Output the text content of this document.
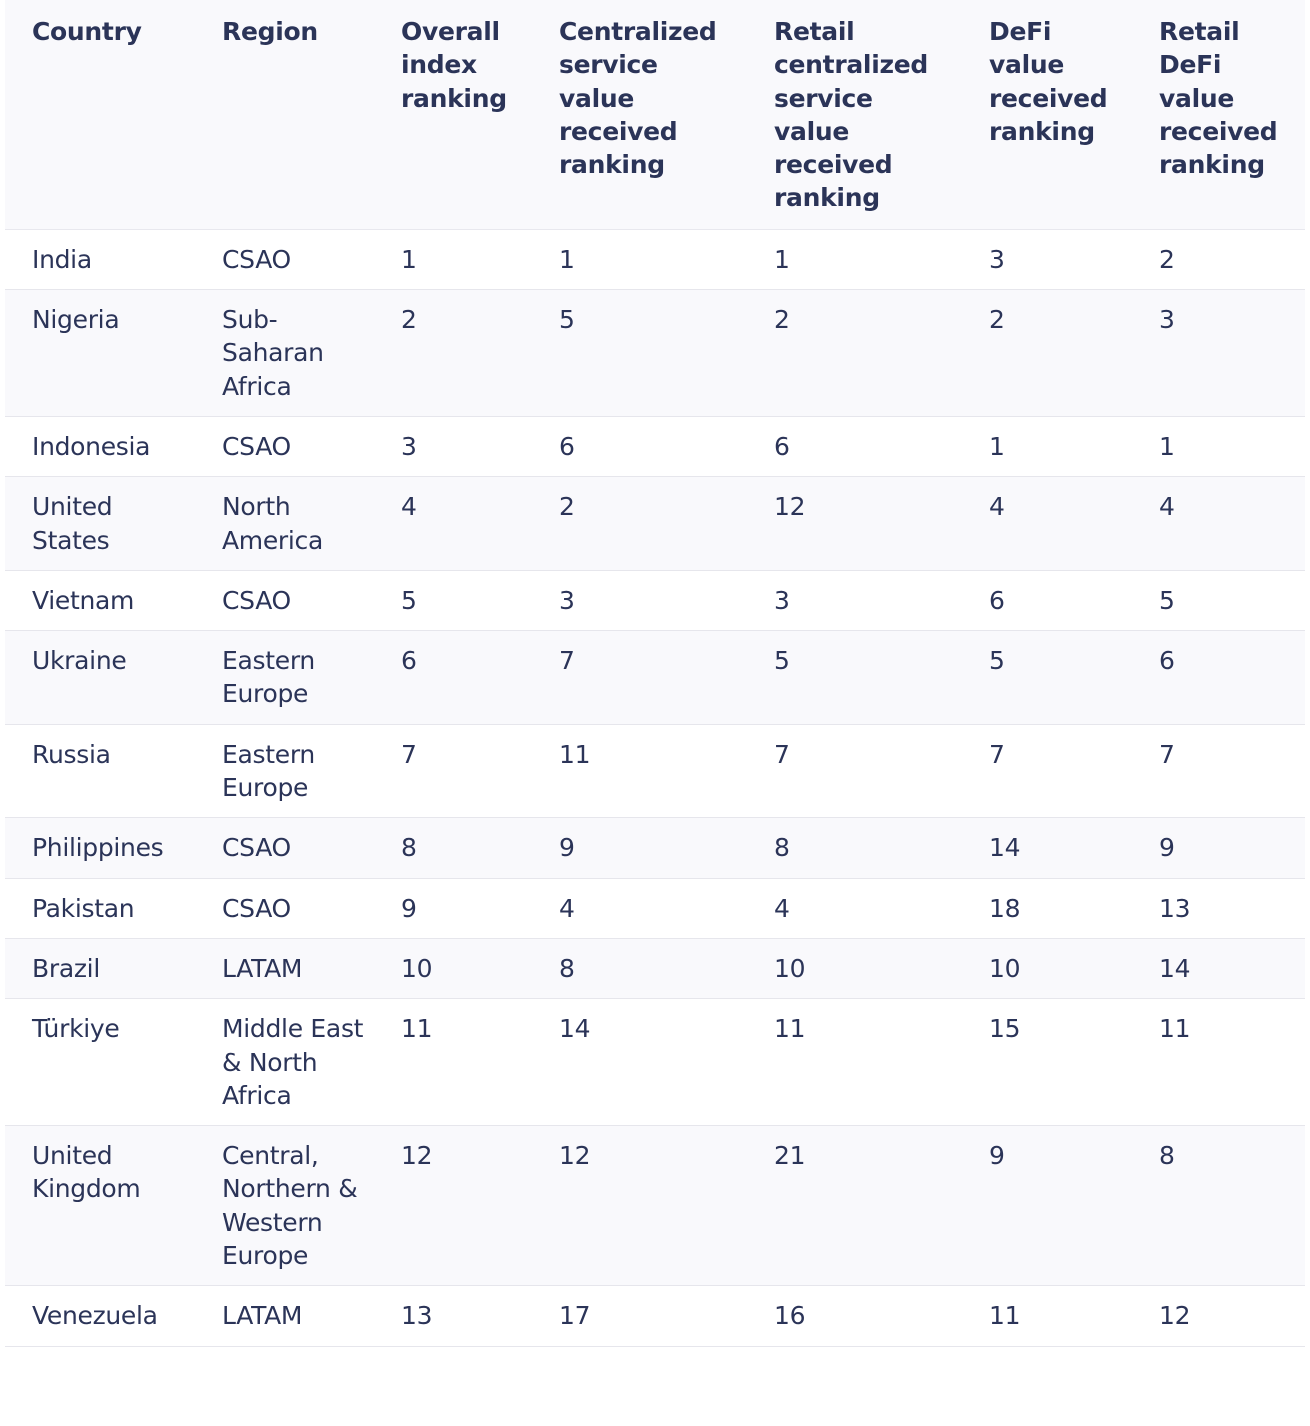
Country	Region	Overall index ranking	Centralized service value received ranking	Retail centralized service value received ranking	DeFi value received ranking	Retail DeFi value received ranking
India	CSAO	1	1	1	3	2
Nigeria	Sub-Saharan Africa	2	5	2	2	3
Indonesia	CSAO	3	6	6	1	1
United States	North America	4	2	12	4	4
Vietnam	CSAO	5	3	3	6	5
Ukraine	Eastern Europe	6	7	5	5	6
Russia	Eastern Europe	7	11	7	7	7
Philippines	CSAO	8	9	8	14	9
Pakistan	CSAO	9	4	4	18	13
Brazil	LATAM	10	8	10	10	14
Türkiye	Middle East & North Africa	11	14	11	15	11
United Kingdom	Central, Northern & Western Europe	12	12	21	9	8
Venezuela	LATAM	13	17	16	11	12
